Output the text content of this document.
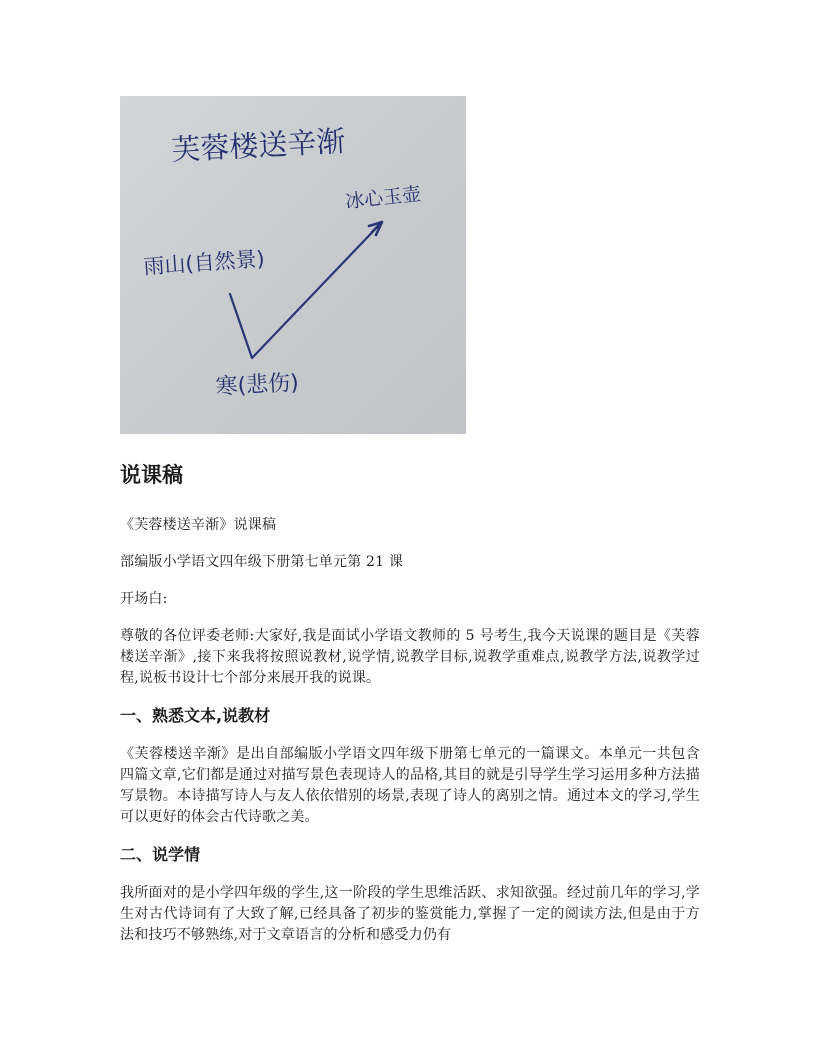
芙蓉楼送辛渐
冰心玉壶
雨山(自然景)
寒(悲伤)
说课稿

《芙蓉楼送辛渐》说课稿

部编版小学语文四年级下册第七单元第 21 课

开场白:

尊敬的各位评委老师:大家好,我是面试小学语文教师的 5 号考生,我今天说课的题目是《芙蓉楼送辛渐》,接下来我将按照说教材,说学情,说教学目标,说教学重难点,说教学方法,说教学过程,说板书设计七个部分来展开我的说课。

一、熟悉文本,说教材

《芙蓉楼送辛渐》是出自部编版小学语文四年级下册第七单元的一篇课文。本单元一共包含四篇文章,它们都是通过对描写景色表现诗人的品格,其目的就是引导学生学习运用多种方法描写景物。本诗描写诗人与友人依依惜别的场景,表现了诗人的离别之情。通过本文的学习,学生可以更好的体会古代诗歌之美。

二、说学情

我所面对的是小学四年级的学生,这一阶段的学生思维活跃、求知欲强。经过前几年的学习,学生对古代诗词有了大致了解,已经具备了初步的鉴赏能力,掌握了一定的阅读方法,但是由于方法和技巧不够熟练,对于文章语言的分析和感受力仍有
